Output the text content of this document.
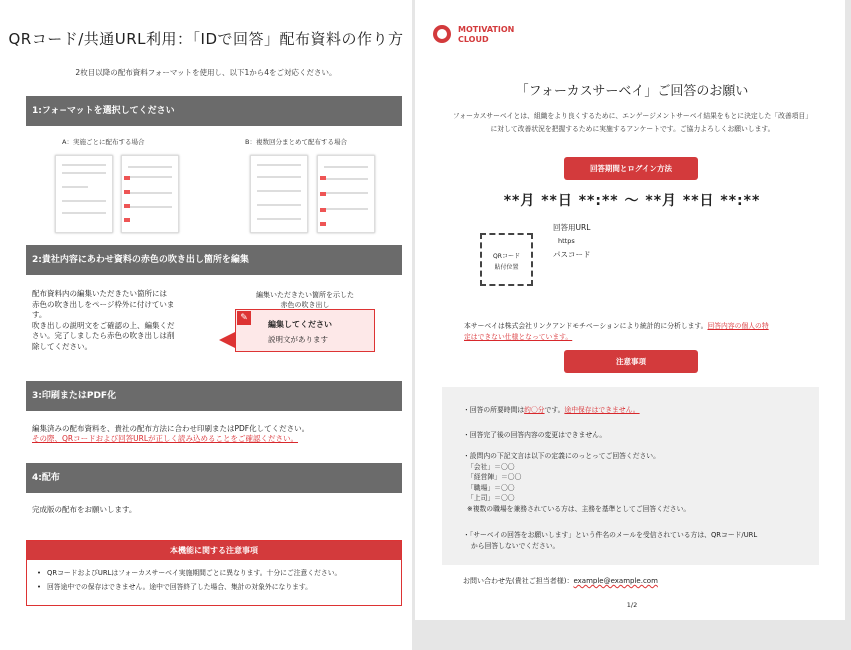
QRコード/共通URL利用：「IDで回答」配布資料の作り方
2枚目以降の配布資料フォーマットを使用し、以下1から4をご対応ください。
1:フォ−マットを選択してください
A：実施ごとに配布する場合	B：複数回分まとめて配布する場合
2:貴社内容にあわせ資料の赤色の吹き出し箇所を編集
配布資料内の編集いただきたい箇所には
赤色の吹き出しをページ枠外に付けていま
す。
吹き出しの説明文をご確認の上、編集くだ
さい。完了しましたら赤色の吹き出しは削
除してください。
編集いただきたい箇所を示した
赤色の吹き出し
✎
編集してください
説明文があります
3:印刷またはPDF化
編集済みの配布資料を、貴社の配布方法に合わせ印刷またはPDF化してください。
その際、QRコードおよび回答URLが正しく読み込めることをご確認ください。
4:配布
完成版の配布をお願いします。
本機能に関する注意事項
• QRコードおよびURLはフォーカスサーベイ実施期間ごとに異なります。十分にご注意ください。
• 回答途中での保存はできません。途中で回答終了した場合、集計の対象外になります。
MOTIVATION
CLOUD
「フォーカスサーベイ」ご回答のお願い
フォーカスサーベイとは、組織をより良くするために、エンゲージメントサーベイ結果をもとに決定した「改善項目」
に対して改善状況を把握するために実施するアンケートです。ご協力よろしくお願いします。
回答期間とログイン方法
**月 **日 **:** 〜 **月 **日 **:**
QRコード
貼付位置
回答用URL
https
パスコード
本サーベイは株式会社リンクアンドモチベーションにより統計的に分析します。回答内容の個人の特
定はできない仕様となっています。
注意事項
・回答の所要時間は約〇分です。途中保存はできません。
・回答完了後の回答内容の変更はできません。
・設問内の下記文言は以下の定義にのっとってご回答ください。
「会社」＝〇〇
「経営陣」＝〇〇
「職場」＝〇〇
「上司」＝〇〇
※複数の職場を兼務されている方は、主務を基準としてご回答ください。
・「サーベイの回答をお願いします」という件名のメールを受信されている方は、QRコード/URL
から回答しないでください。
お問い合わせ先(貴社ご担当者様)：example@example.com
1/2
